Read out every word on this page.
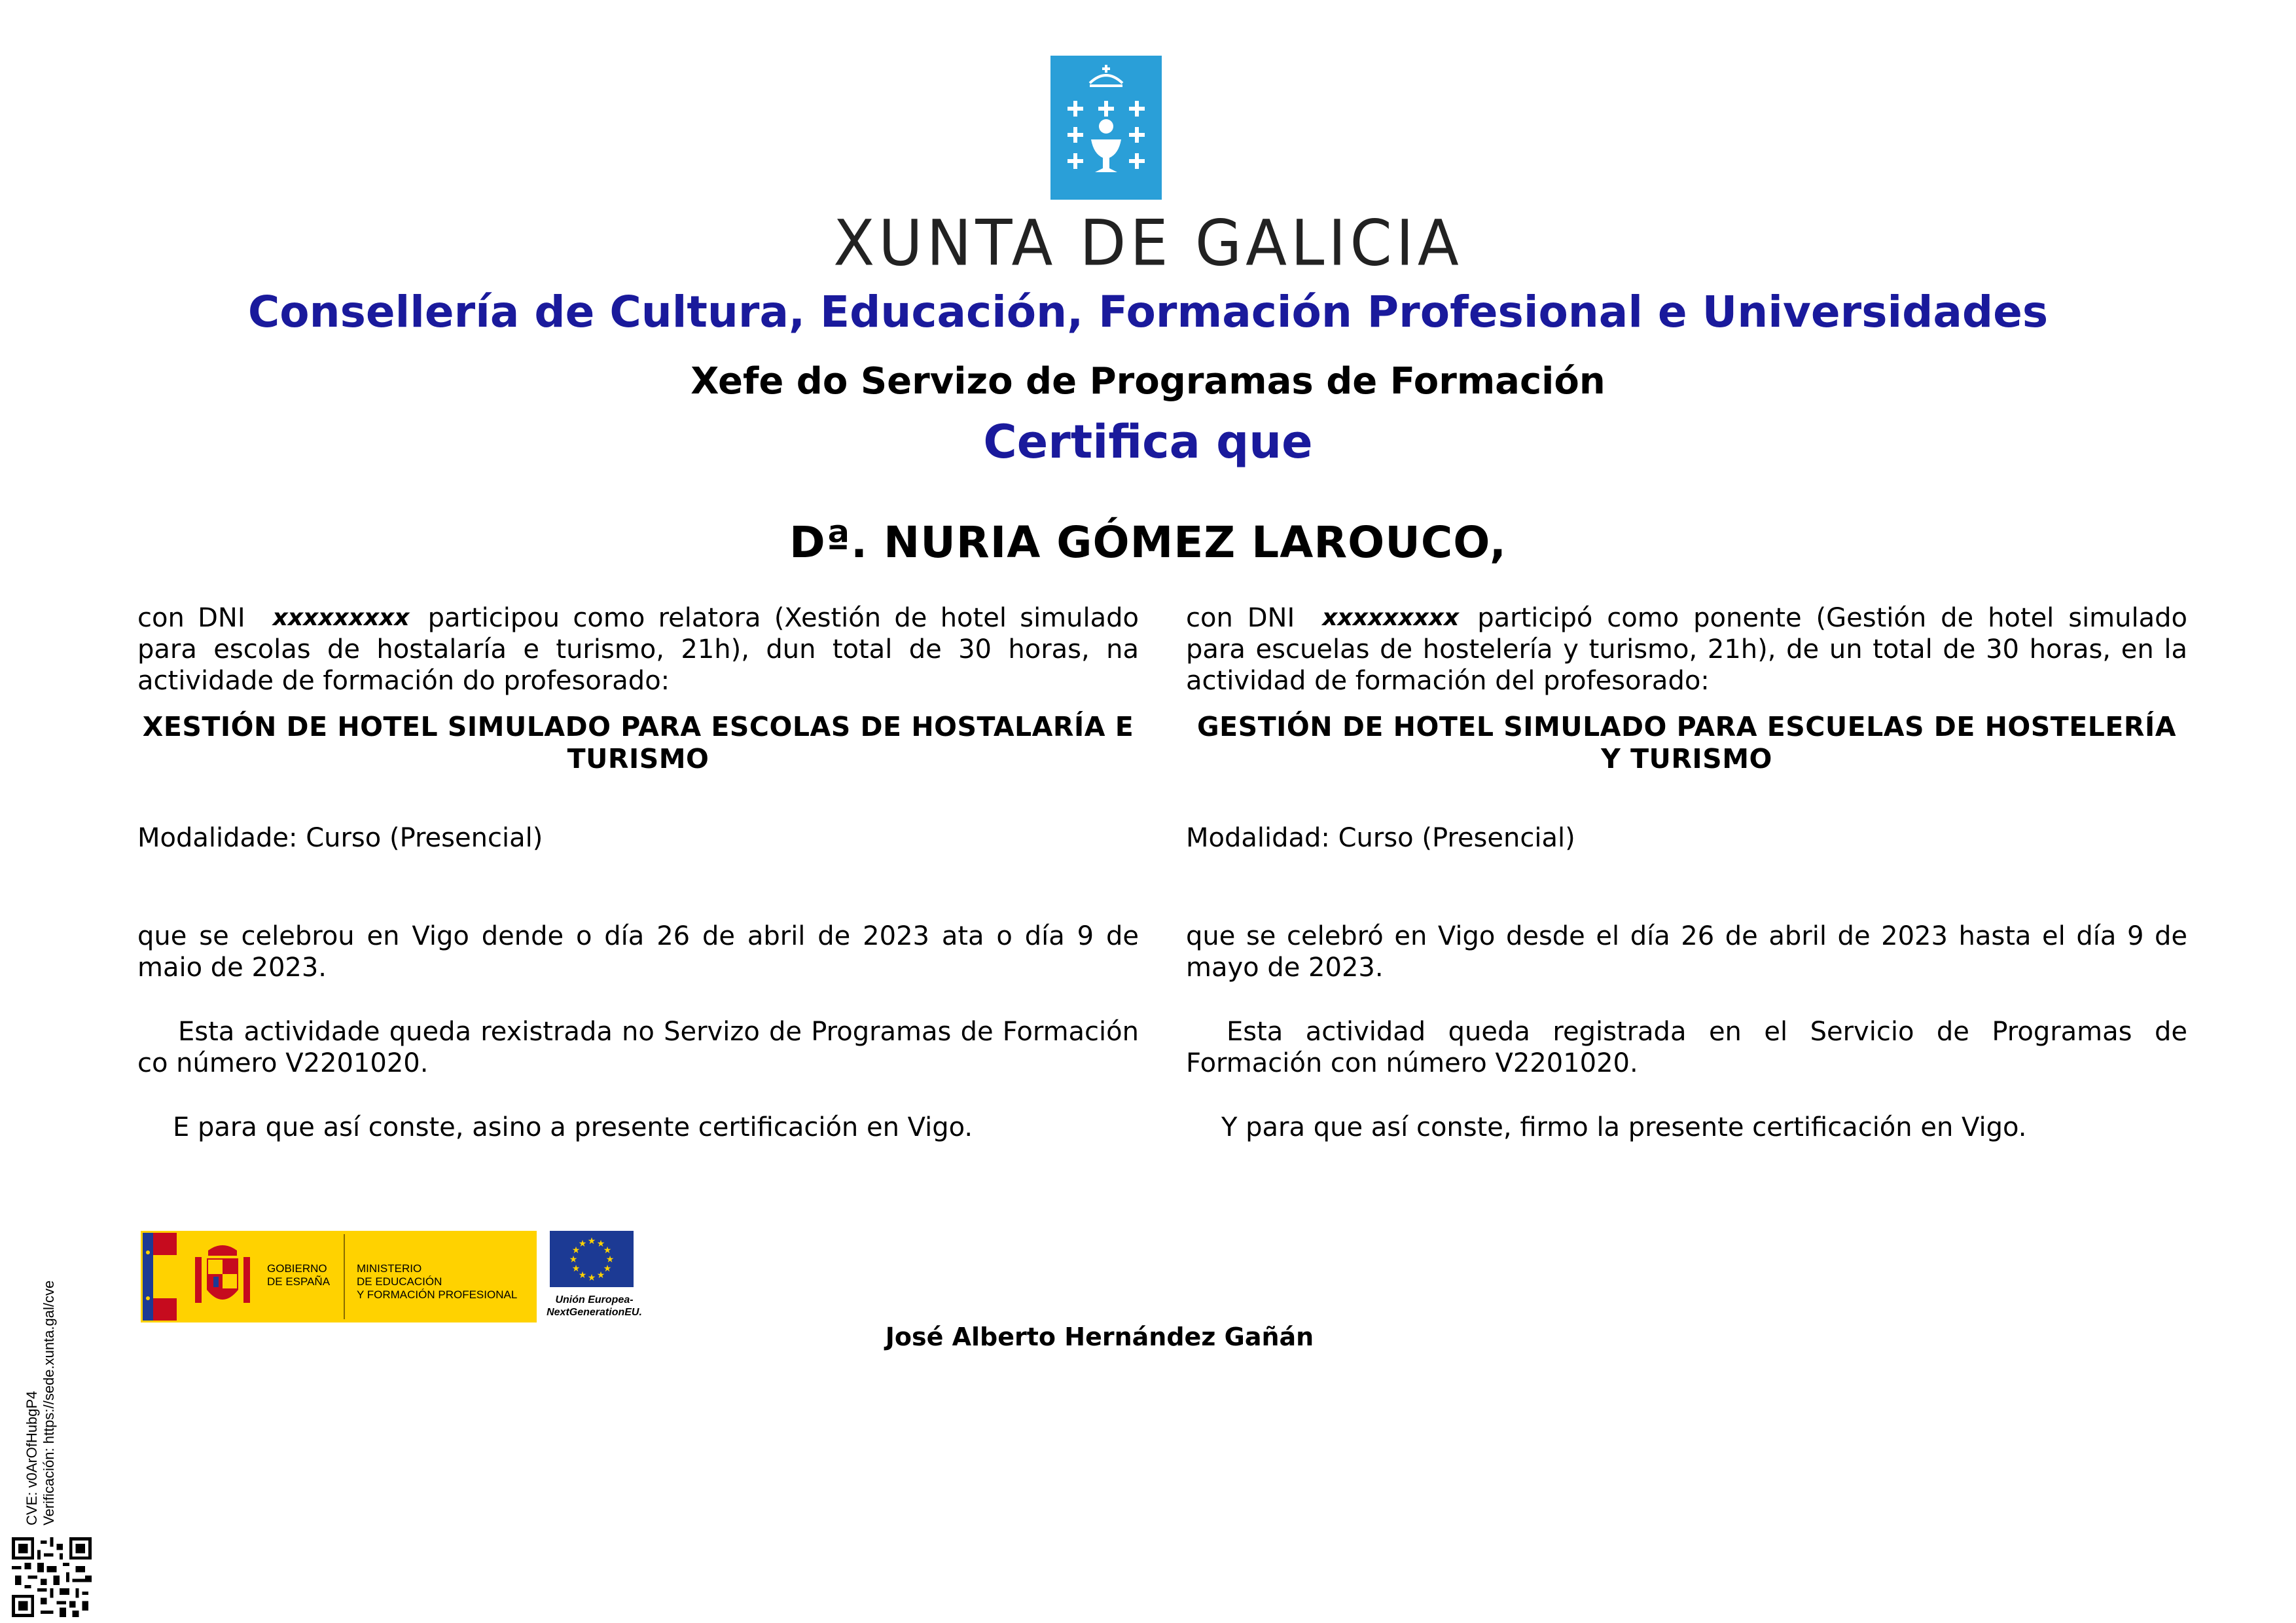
XUNTA DE GALICIA
Consellería de Cultura, Educación, Formación Profesional e Universidades
Xefe do Servizo de Programas de Formación
Certifica que
Dª. NURIA GÓMEZ LAROUCO,
con DNI xxxxxxxxx participou como relatora (Xestión de hotel simulado para escolas de hostalaría e turismo, 21h), dun total de 30 horas, na actividade de formación do profesorado:
XESTIÓN DE HOTEL SIMULADO PARA ESCOLAS DE HOSTALARÍA E TURISMO
Modalidade: Curso (Presencial)
que se celebrou en Vigo dende o día 26 de abril de 2023 ata o día 9 de maio de 2023.
Esta actividade queda rexistrada no Servizo de Programas de Formación co número V2201020.
E para que así conste, asino a presente certificación en Vigo.
con DNI xxxxxxxxx participó como ponente (Gestión de hotel simulado para escuelas de hostelería y turismo, 21h), de un total de 30 horas, en la actividad de formación del profesorado:
GESTIÓN DE HOTEL SIMULADO PARA ESCUELAS DE HOSTELERÍA Y TURISMO
Modalidad: Curso (Presencial)
que se celebró en Vigo desde el día 26 de abril de 2023 hasta el día 9 de mayo de 2023.
Esta actividad queda registrada en el Servicio de Programas de Formación con número V2201020.
Y para que así conste, firmo la presente certificación en Vigo.
GOBIERNO
DE ESPAÑA
MINISTERIO
DE EDUCACIÓN
Y FORMACIÓN PROFESIONAL
★ ★
★
★
★
★
★
★
★
★
★
★
Unión Europea-
NextGenerationEU.
José Alberto Hernández Gañán
CVE: v0ArOfHubgP4 Verificación: https://sede.xunta.gal/cve
